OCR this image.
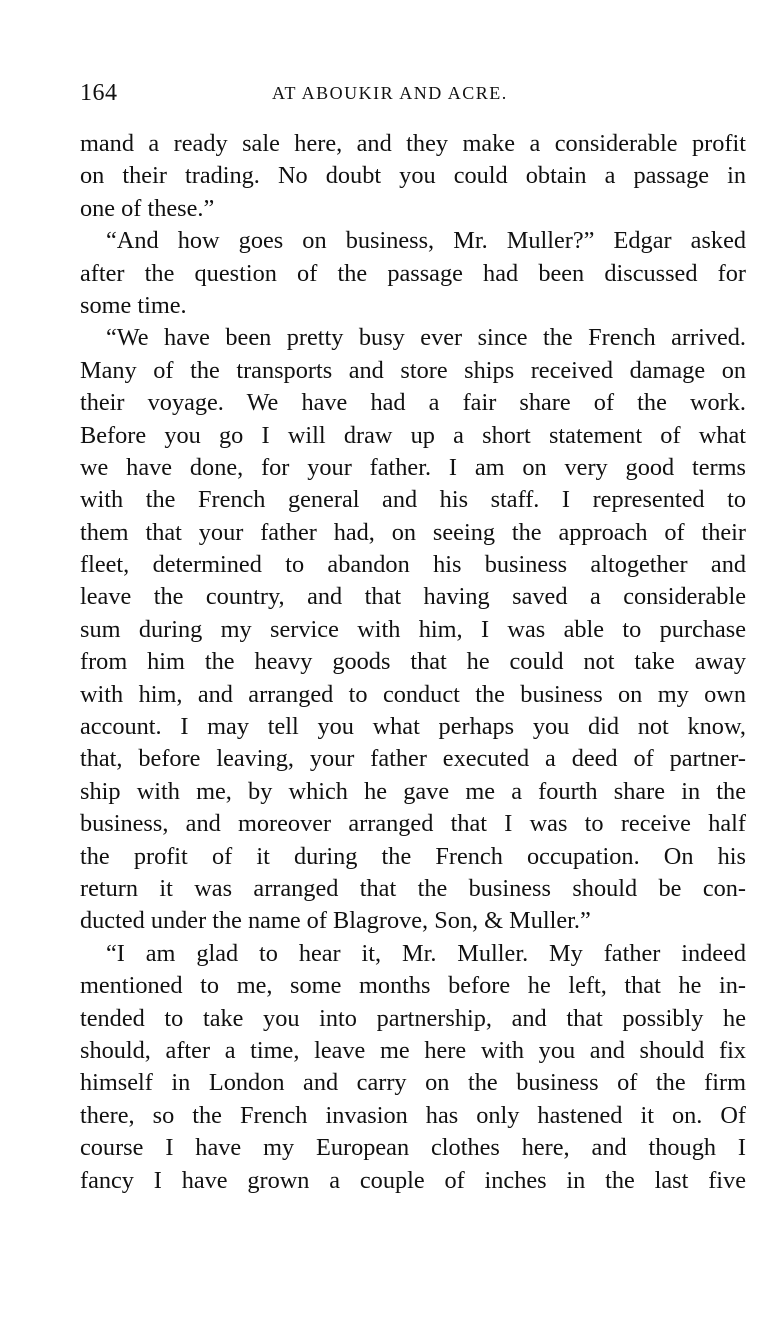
164	AT ABOUKIR AND ACRE.
mand a ready sale here, and they make a considerable profit
on their trading. No doubt you could obtain a passage in
one of these.”
“And how goes on business, Mr. Muller?” Edgar asked
after the question of the passage had been discussed for
some time.
“We have been pretty busy ever since the French arrived.
Many of the transports and store ships received damage on
their voyage. We have had a fair share of the work.
Before you go I will draw up a short statement of what
we have done, for your father. I am on very good terms
with the French general and his staff. I represented to
them that your father had, on seeing the approach of their
fleet, determined to abandon his business altogether and
leave the country, and that having saved a considerable
sum during my service with him, I was able to purchase
from him the heavy goods that he could not take away
with him, and arranged to conduct the business on my own
account. I may tell you what perhaps you did not know,
that, before leaving, your father executed a deed of partner-
ship with me, by which he gave me a fourth share in the
business, and moreover arranged that I was to receive half
the profit of it during the French occupation. On his
return it was arranged that the business should be con-
ducted under the name of Blagrove, Son, & Muller.”
“I am glad to hear it, Mr. Muller. My father indeed
mentioned to me, some months before he left, that he in-
tended to take you into partnership, and that possibly he
should, after a time, leave me here with you and should fix
himself in London and carry on the business of the firm
there, so the French invasion has only hastened it on. Of
course I have my European clothes here, and though I
fancy I have grown a couple of inches in the last five
